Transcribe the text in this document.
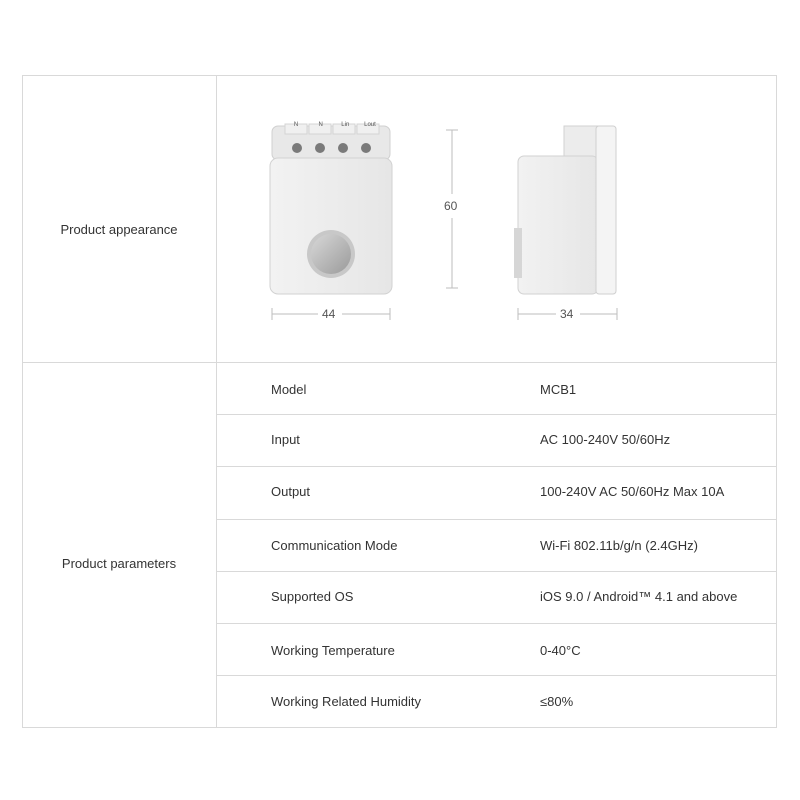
Product appearance
Product parameters
44
60
34
N	N	Lin	Lout
Model	MCB1
Input	AC 100-240V 50/60Hz
Output	100-240V AC 50/60Hz Max 10A
Communication Mode	Wi-Fi 802.11b/g/n (2.4GHz)
Supported OS	iOS 9.0 / Android™ 4.1 and above
Working Temperature	0-40°C
Working Related Humidity	≤80%
